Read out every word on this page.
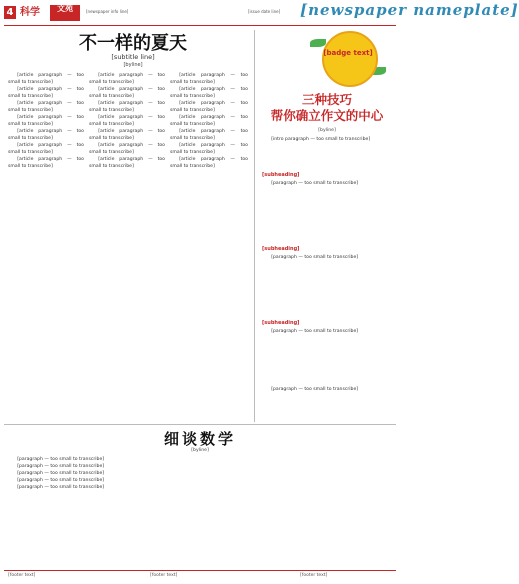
4 科学	文苑	[newspaper info line]	[issue date line] [newspaper nameplate]
不一样的夏天
[subtitle line]
[byline]

[article paragraph — too small to transcribe]

[article paragraph — too small to transcribe]

[article paragraph — too small to transcribe]

[article paragraph — too small to transcribe]

[article paragraph — too small to transcribe]

[article paragraph — too small to transcribe]

[article paragraph — too small to transcribe]

[article paragraph — too small to transcribe]

[article paragraph — too small to transcribe]

[article paragraph — too small to transcribe]

[article paragraph — too small to transcribe]

[article paragraph — too small to transcribe]

[article paragraph — too small to transcribe]

[article paragraph — too small to transcribe]

[article paragraph — too small to transcribe]

[article paragraph — too small to transcribe]

[article paragraph — too small to transcribe]

[article paragraph — too small to transcribe]

[article paragraph — too small to transcribe]

[article paragraph — too small to transcribe]

[article paragraph — too small to transcribe]

[badge text]
三种技巧
帮你确立作文的中心
[byline]

[intro paragraph — too small to transcribe]

[subheading]

[paragraph — too small to transcribe]

[subheading]

[paragraph — too small to transcribe]

[subheading]

[paragraph — too small to transcribe]

[paragraph — too small to transcribe]

细谈数学
[byline]

[paragraph — too small to transcribe]

[paragraph — too small to transcribe]

[paragraph — too small to transcribe]

[paragraph — too small to transcribe]

[paragraph — too small to transcribe]

[footer text]	[footer text]	[footer text]
